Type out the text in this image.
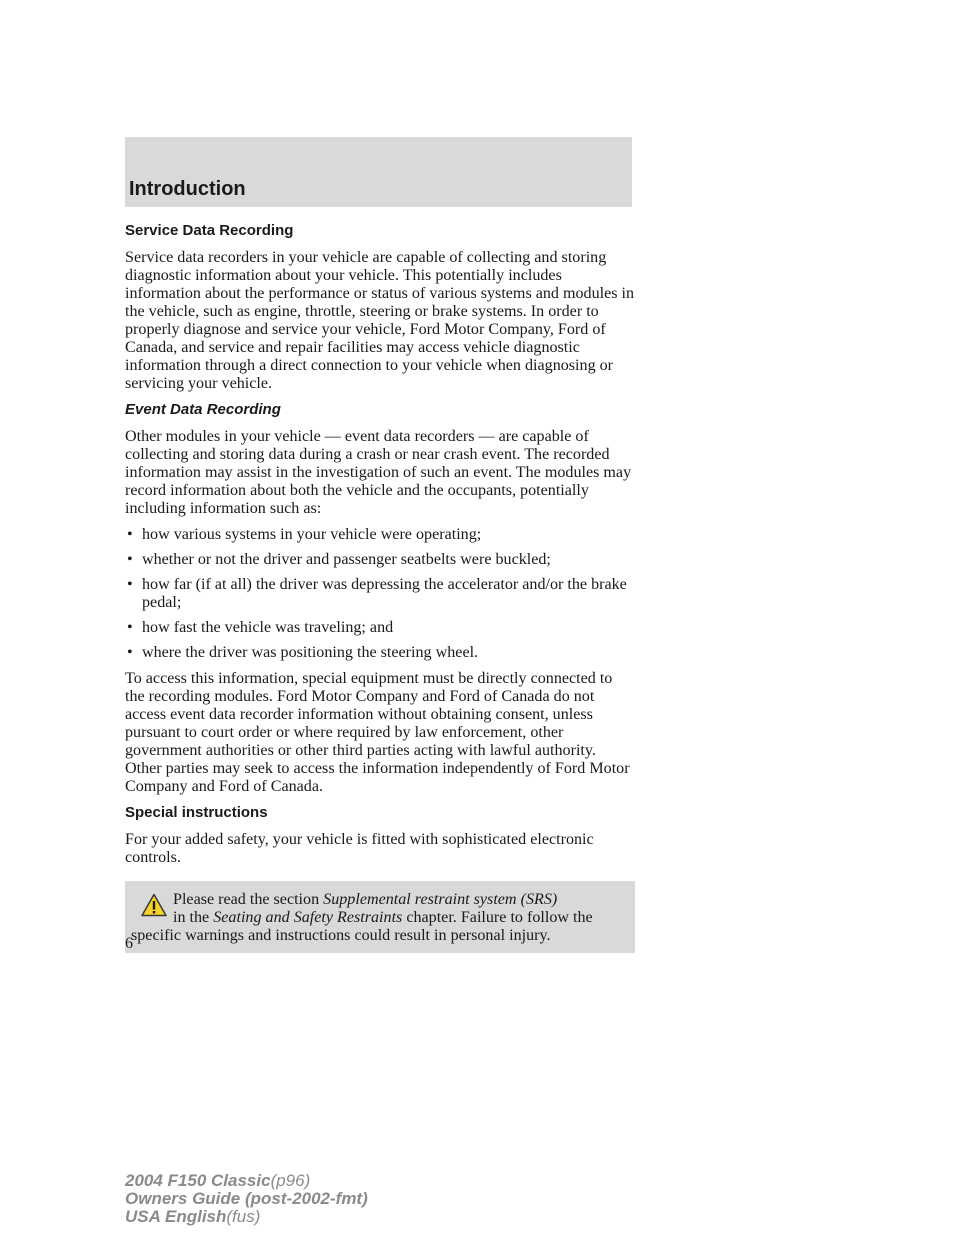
Introduction
Service Data Recording

Service data recorders in your vehicle are capable of collecting and storing diagnostic information about your vehicle. This potentially includes information about the performance or status of various systems and modules in the vehicle, such as engine, throttle, steering or brake systems. In order to properly diagnose and service your vehicle, Ford Motor Company, Ford of Canada, and service and repair facilities may access vehicle diagnostic information through a direct connection to your vehicle when diagnosing or servicing your vehicle.

Event Data Recording

Other modules in your vehicle — event data recorders — are capable of collecting and storing data during a crash or near crash event. The recorded information may assist in the investigation of such an event. The modules may record information about both the vehicle and the occupants, potentially including information such as:

• how various systems in your vehicle were operating;
• whether or not the driver and passenger seatbelts were buckled;
• how far (if at all) the driver was depressing the accelerator and/or the brake pedal;
• how fast the vehicle was traveling; and
• where the driver was positioning the steering wheel.

To access this information, special equipment must be directly connected to the recording modules. Ford Motor Company and Ford of Canada do not access event data recorder information without obtaining consent, unless pursuant to court order or where required by law enforcement, other government authorities or other third parties acting with lawful authority. Other parties may seek to access the information independently of Ford Motor Company and Ford of Canada.

Special instructions

For your added safety, your vehicle is fitted with sophisticated electronic controls.

Please read the section Supplemental restraint system (SRS)
in the Seating and Safety Restraints chapter. Failure to follow the specific warnings and instructions could result in personal injury.

6
2004 F150 Classic(p96)
Owners Guide (post-2002-fmt)
USA English(fus)
